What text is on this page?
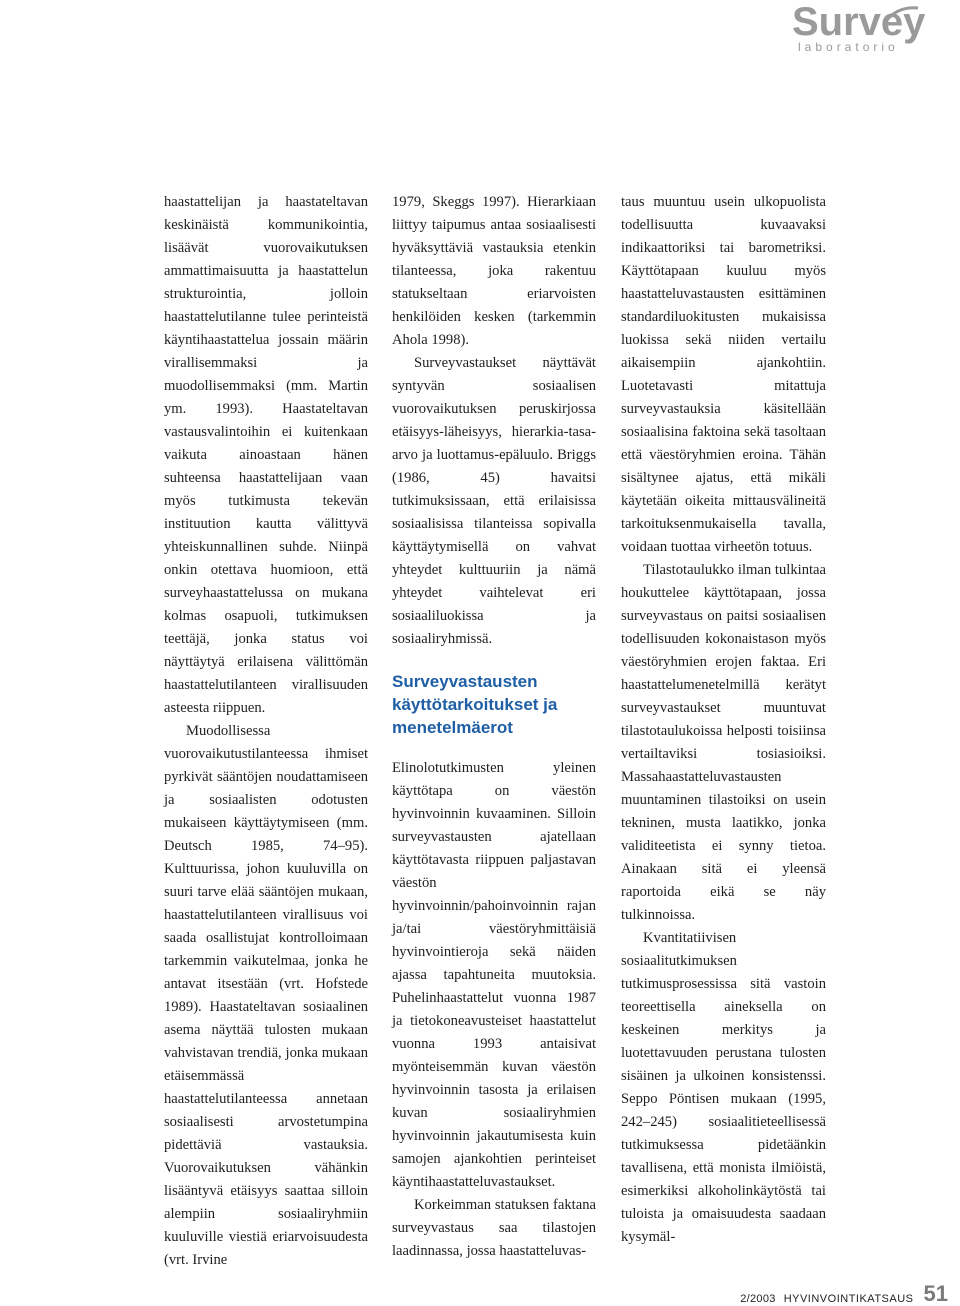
Survey
laboratorio

haastattelijan ja haastateltavan keskinäistä kommunikointia, lisäävät vuorovaikutuksen ammattimaisuutta ja haastattelun strukturointia, jolloin haastattelutilanne tulee perinteistä käyntihaastattelua jossain määrin virallisemmaksi ja muodollisemmaksi (mm. Martin ym. 1993). Haastateltavan vastausvalintoihin ei kuitenkaan vaikuta ainoastaan hänen suhteensa haastattelijaan vaan myös tutkimusta tekevän instituution kautta välittyvä yhteiskunnallinen suhde. Niinpä onkin otettava huomioon, että surveyhaastattelussa on mukana kolmas osapuoli, tutkimuksen teettäjä, jonka status voi näyttäytyä erilaisena välittömän haastattelutilanteen virallisuuden asteesta riippuen.

Muodollisessa vuorovaikutustilanteessa ihmiset pyrkivät sääntöjen noudattamiseen ja sosiaalisten odotusten mukaiseen käyttäytymiseen (mm. Deutsch 1985, 74–95). Kulttuurissa, johon kuuluvilla on suuri tarve elää sääntöjen mukaan, haastattelutilanteen virallisuus voi saada osallistujat kontrolloimaan tarkemmin vaikutelmaa, jonka he antavat itsestään (vrt. Hofstede 1989). Haastateltavan sosiaalinen asema näyttää tulosten mukaan vahvistavan trendiä, jonka mukaan etäisemmässä haastattelutilanteessa annetaan sosiaalisesti arvostetumpina pidettäviä vastauksia. Vuorovaikutuksen vähänkin lisääntyvä etäisyys saattaa silloin alempiin sosiaaliryhmiin kuuluville viestiä eriarvoisuudesta (vrt. Irvine

1979, Skeggs 1997). Hierarkiaan liittyy taipumus antaa sosiaalisesti hyväksyttäviä vastauksia etenkin tilanteessa, joka rakentuu statukseltaan eriarvoisten henkilöiden kesken (tarkemmin Ahola 1998).

Surveyvastaukset näyttävät syntyvän sosiaalisen vuorovaikutuksen peruskirjossa etäisyys-läheisyys, hierarkia-tasa-arvo ja luottamus-epäluulo. Briggs (1986, 45) havaitsi tutkimuksissaan, että erilaisissa sosiaalisissa tilanteissa sopivalla käyttäytymisellä on vahvat yhteydet kulttuuriin ja nämä yhteydet vaihtelevat eri sosiaaliluokissa ja sosiaaliryhmissä.

Surveyvastausten käyttötarkoitukset ja menetelmäerot

Elinolotutkimusten yleinen käyttötapa on väestön hyvinvoinnin kuvaaminen. Silloin surveyvastausten ajatellaan käyttötavasta riippuen paljastavan väestön hyvinvoinnin/pahoinvoinnin rajan ja/tai väestöryhmittäisiä hyvinvointieroja sekä näiden ajassa tapahtuneita muutoksia. Puhelinhaastattelut vuonna 1987 ja tietokoneavusteiset haastattelut vuonna 1993 antaisivat myönteisemmän kuvan väestön hyvinvoinnin tasosta ja erilaisen kuvan sosiaaliryhmien hyvinvoinnin jakautumisesta kuin samojen ajankohtien perinteiset käyntihaastatteluvastaukset.

Korkeimman statuksen faktana surveyvastaus saa tilastojen laadinnassa, jossa haastatteluvas-

taus muuntuu usein ulkopuolista todellisuutta kuvaavaksi indikaattoriksi tai barometriksi. Käyttötapaan kuuluu myös haastatteluvastausten esittäminen standardiluokitusten mukaisissa luokissa sekä niiden vertailu aikaisempiin ajankohtiin. Luotetavasti mitattuja surveyvastauksia käsitellään sosiaalisina faktoina sekä tasoltaan että väestöryhmien eroina. Tähän sisältynee ajatus, että mikäli käytetään oikeita mittausvälineitä tarkoituksenmukaisella tavalla, voidaan tuottaa virheetön totuus.

Tilastotaulukko ilman tulkintaa houkuttelee käyttötapaan, jossa surveyvastaus on paitsi sosiaalisen todellisuuden kokonaistason myös väestöryhmien erojen faktaa. Eri haastattelumenetelmillä kerätyt surveyvastaukset muuntuvat tilastotaulukoissa helposti toisiinsa vertailtaviksi tosiasioiksi. Massahaastatteluvastausten muuntaminen tilastoiksi on usein tekninen, musta laatikko, jonka validiteetista ei synny tietoa. Ainakaan sitä ei yleensä raportoida eikä se näy tulkinnoissa.

Kvantitatiivisen sosiaalitutkimuksen tutkimusprosessissa sitä vastoin teoreettisella aineksella on keskeinen merkitys ja luotettavuuden perustana tulosten sisäinen ja ulkoinen konsistenssi. Seppo Pöntisen mukaan (1995, 242–245) sosiaalitieteellisessä tutkimuksessa pidetäänkin tavallisena, että monista ilmiöistä, esimerkiksi alkoholinkäytöstä tai tuloista ja omaisuudesta saadaan kysymäl-

2/2003 HYVINVOINTIKATSAUS 51
